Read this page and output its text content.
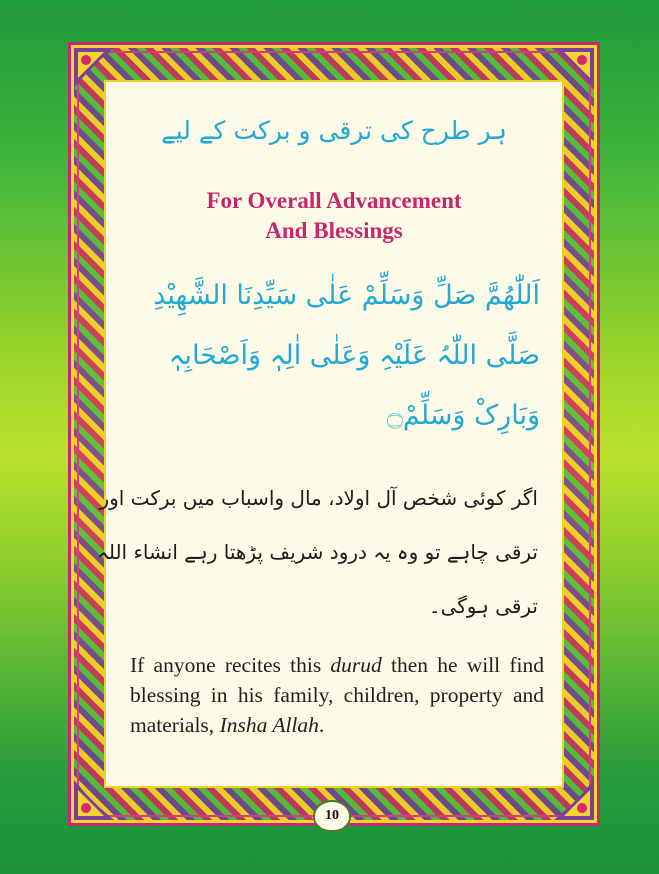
ہر طرح کی ترقی و برکت کے لیے
For Overall Advancement
And Blessings
اَللّٰھُمَّ صَلِّ وَسَلِّمْ عَلٰی سَیِّدِنَا الشَّھِیْدِ
صَلَّی اللّٰہُ عَلَیْہِ وَعَلٰی اٰلِہٖ وَاَصْحَابِہٖ
وَبَارِکْ وَسَلِّمْ۝
اگر کوئی شخص آل اولاد، مال واسباب میں برکت اور
ترقی چاہے تو وہ یہ درود شریف پڑھتا رہے انشاء اللہ
ترقی ہوگی۔
If anyone recites this durud then he will find blessing in his family, children, property and materials, Insha Allah.
10
